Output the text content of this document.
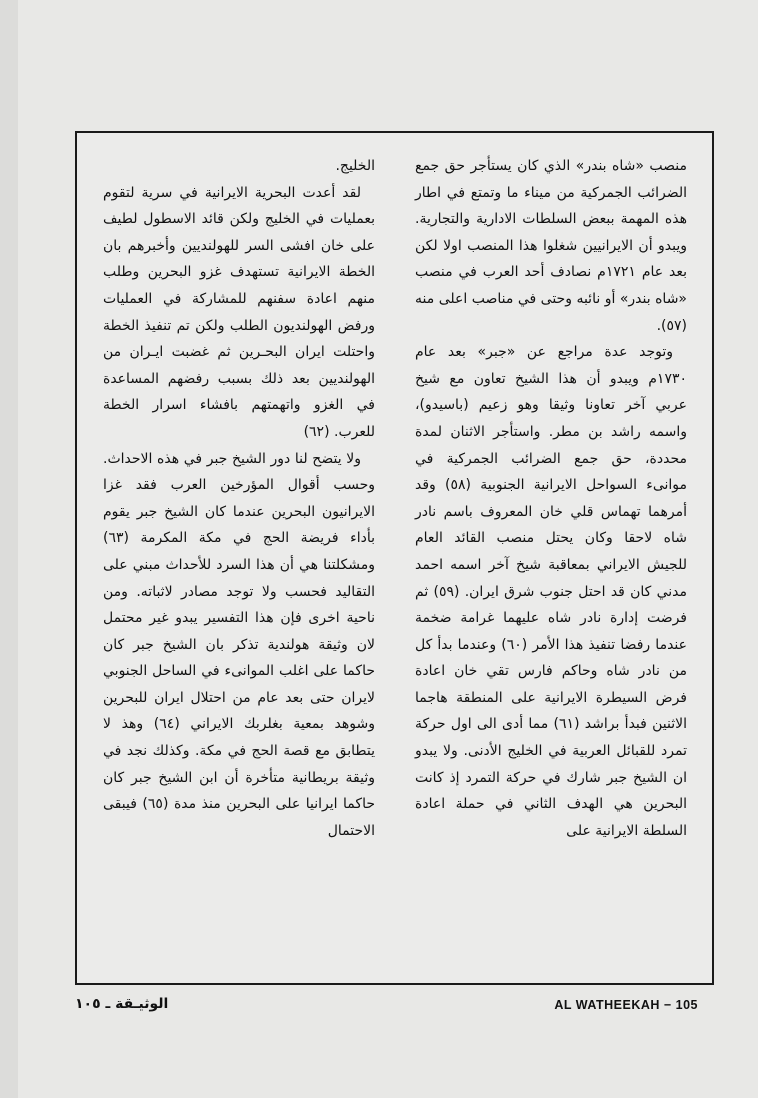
منصب «شاه بندر» الذي كان يستأجر حق جمع الضرائب الجمركية من ميناء ما وتمتع في اطار هذه المهمة ببعض السلطات الادارية والتجارية. ويبدو أن الايرانيين شغلوا هذا المنصب اولا لكن بعد عام ١٧٢١م نصادف أحد العرب في منصب «شاه بندر» أو نائبه وحتى في مناصب اعلى منه (٥٧).

وتوجد عدة مراجع عن «جبر» بعد عام ١٧٣٠م ويبدو أن هذا الشيخ تعاون مع شيخ عربي آخر تعاونا وثيقا وهو زعيم (باسيدو)، واسمه راشد بن مطر. واستأجر الاثنان لمدة محددة، حق جمع الضرائب الجمركية في موانىء السواحل الايرانية الجنوبية (٥٨) وقد أمرهما تهماس قلي خان المعروف باسم نادر شاه لاحقا وكان يحتل منصب القائد العام للجيش الايراني بمعاقبة شيخ آخر اسمه احمد مدني كان قد احتل جنوب شرق ايران. (٥٩) ثم فرضت إدارة نادر شاه عليهما غرامة ضخمة عندما رفضا تنفيذ هذا الأمر (٦٠) وعندما بدأ كل من نادر شاه وحاكم فارس تقي خان اعادة فرض السيطرة الايرانية على المنطقة هاجما الاثنين فبدأ براشد (٦١) مما أدى الى اول حركة تمرد للقبائل العربية في الخليج الأدنى. ولا يبدو ان الشيخ جبر شارك في حركة التمرد إذ كانت البحرين هي الهدف الثاني في حملة اعادة السلطة الايرانية على

الخليج.

لقد أعدت البحرية الايرانية في سرية لتقوم بعمليات في الخليج ولكن قائد الاسطول لطيف على خان افشى السر للهولنديين وأخبرهم بان الخطة الايرانية تستهدف غزو البحرين وطلب منهم اعادة سفنهم للمشاركة في العمليات ورفض الهولنديون الطلب ولكن تم تنفيذ الخطة واحتلت ايران البحـرين ثم غضبت ايـران من الهولنديين بعد ذلك بسبب رفضهم المساعدة في الغزو واتهمتهم بافشاء اسرار الخطة للعرب. (٦٢)

ولا يتضح لنا دور الشيخ جبر في هذه الاحداث. وحسب أقوال المؤرخين العرب فقد غزا الايرانيون البحرين عندما كان الشيخ جبر يقوم بأداء فريضة الحج في مكة المكرمة (٦٣) ومشكلتنا هي أن هذا السرد للأحداث مبني على التقاليد فحسب ولا توجد مصادر لاثباته. ومن ناحية اخرى فإن هذا التفسير يبدو غير محتمل لان وثيقة هولندية تذكر بان الشيخ جبر كان حاكما على اغلب الموانىء في الساحل الجنوبي لايران حتى بعد عام من احتلال ايران للبحرين وشوهد بمعية بغلربك الايراني (٦٤) وهذ لا يتطابق مع قصة الحج في مكة. وكذلك نجد في وثيقة بريطانية متأخرة أن ابن الشيخ جبر كان حاكما ايرانيا على البحرين منذ مدة (٦٥) فيبقى الاحتمال

الوثيـقة ـ ١٠٥	AL WATHEEKAH − 105
